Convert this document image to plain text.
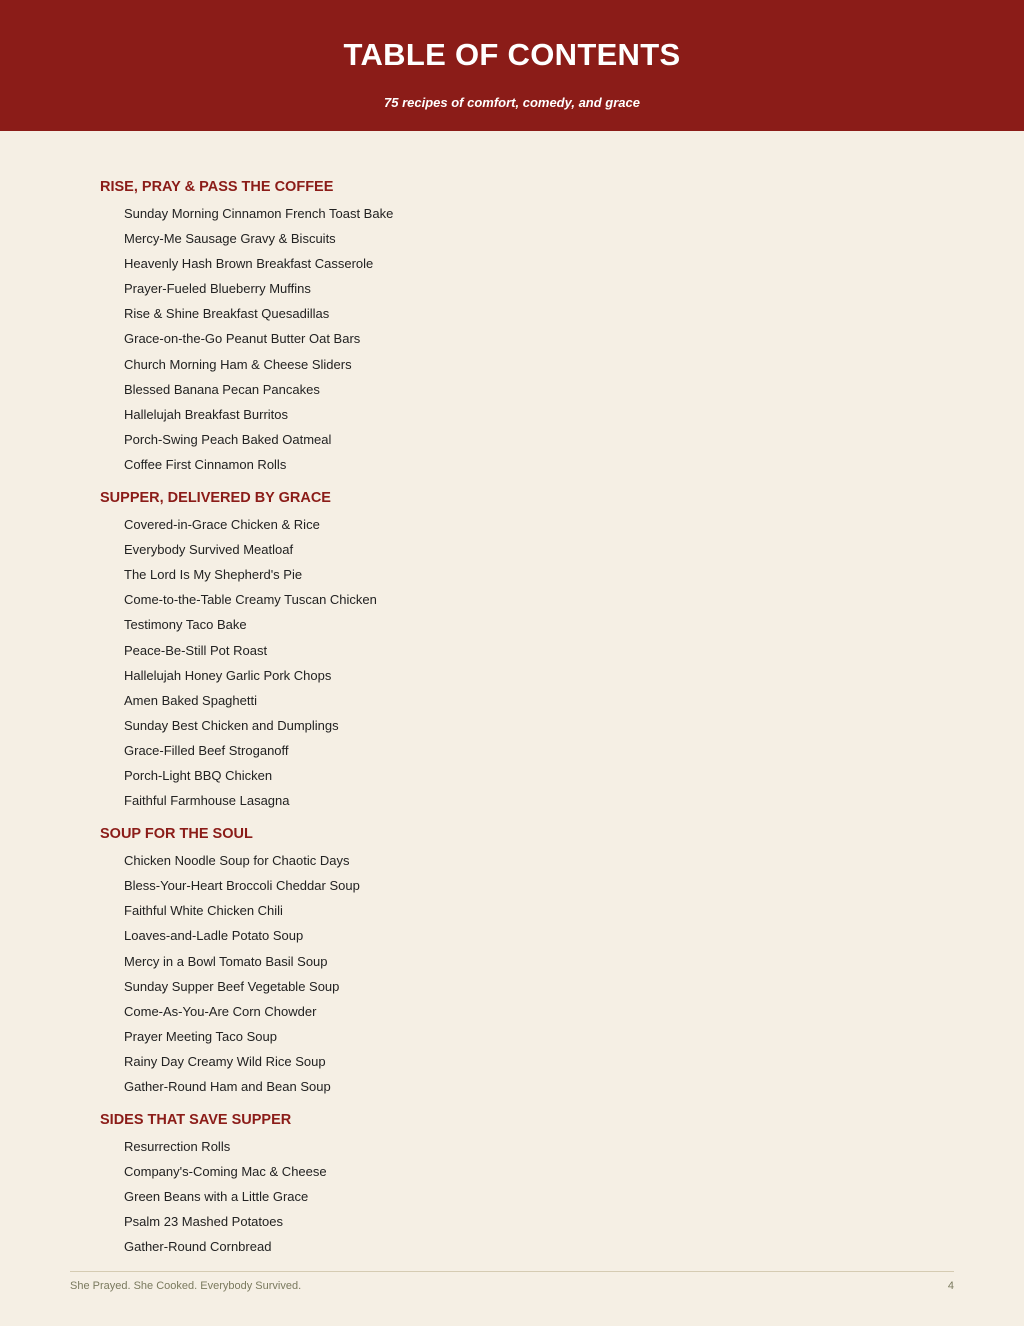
TABLE OF CONTENTS
75 recipes of comfort, comedy, and grace
RISE, PRAY & PASS THE COFFEE
Sunday Morning Cinnamon French Toast Bake
Mercy-Me Sausage Gravy & Biscuits
Heavenly Hash Brown Breakfast Casserole
Prayer-Fueled Blueberry Muffins
Rise & Shine Breakfast Quesadillas
Grace-on-the-Go Peanut Butter Oat Bars
Church Morning Ham & Cheese Sliders
Blessed Banana Pecan Pancakes
Hallelujah Breakfast Burritos
Porch-Swing Peach Baked Oatmeal
Coffee First Cinnamon Rolls
SUPPER, DELIVERED BY GRACE
Covered-in-Grace Chicken & Rice
Everybody Survived Meatloaf
The Lord Is My Shepherd's Pie
Come-to-the-Table Creamy Tuscan Chicken
Testimony Taco Bake
Peace-Be-Still Pot Roast
Hallelujah Honey Garlic Pork Chops
Amen Baked Spaghetti
Sunday Best Chicken and Dumplings
Grace-Filled Beef Stroganoff
Porch-Light BBQ Chicken
Faithful Farmhouse Lasagna
SOUP FOR THE SOUL
Chicken Noodle Soup for Chaotic Days
Bless-Your-Heart Broccoli Cheddar Soup
Faithful White Chicken Chili
Loaves-and-Ladle Potato Soup
Mercy in a Bowl Tomato Basil Soup
Sunday Supper Beef Vegetable Soup
Come-As-You-Are Corn Chowder
Prayer Meeting Taco Soup
Rainy Day Creamy Wild Rice Soup
Gather-Round Ham and Bean Soup
SIDES THAT SAVE SUPPER
Resurrection Rolls
Company's-Coming Mac & Cheese
Green Beans with a Little Grace
Psalm 23 Mashed Potatoes
Gather-Round Cornbread
She Prayed. She Cooked. Everybody Survived.	4
